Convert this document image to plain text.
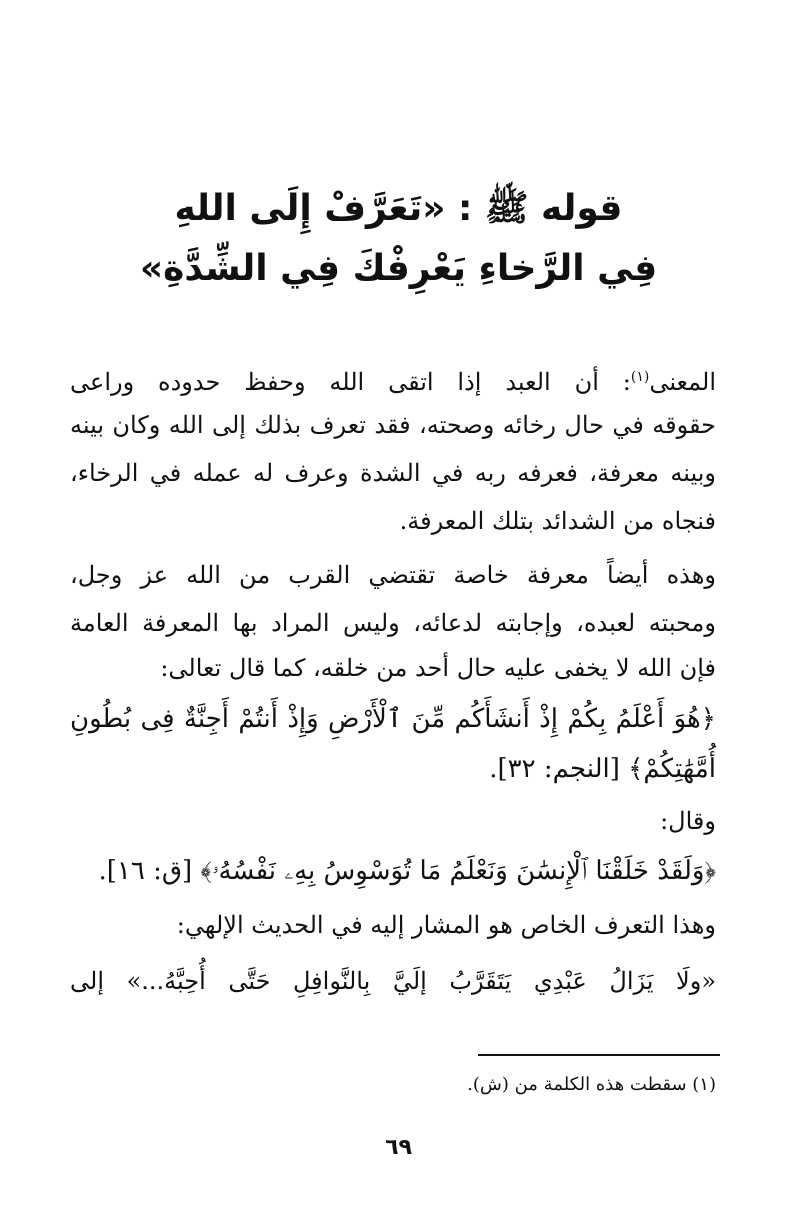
قوله ﷺ : «تَعَرَّفْ إِلَى اللهِ
فِي الرَّخاءِ يَعْرِفْكَ فِي الشِّدَّةِ»
المعنى$^{(١)}$: أن العبد إذا اتقى الله وحفظ حدوده وراعى
حقوقه في حال رخائه وصحته، فقد تعرف بذلك إلى الله وكان بينه
وبينه معرفة، فعرفه ربه في الشدة وعرف له عمله في الرخاء،
فنجاه من الشدائد بتلك المعرفة.
وهذه أيضاً معرفة خاصة تقتضي القرب من الله عز وجل،
ومحبته لعبده، وإجابته لدعائه، وليس المراد بها المعرفة العامة
فإن الله لا يخفى عليه حال أحد من خلقه، كما قال تعالى:
﴿هُوَ أَعْلَمُ بِكُمْ إِذْ أَنشَأَكُم مِّنَ ٱلْأَرْضِ وَإِذْ أَنتُمْ أَجِنَّةٌ فِى بُطُونِ
أُمَّهَٰتِكُمْ﴾ [النجم: ٣٢].
وقال:
﴿وَلَقَدْ خَلَقْنَا ٱلْإِنسَٰنَ وَنَعْلَمُ مَا تُوَسْوِسُ بِهِۦ نَفْسُهُۥ﴾ [ق: ١٦].
وهذا التعرف الخاص هو المشار إليه في الحديث الإلهي:
«ولَا يَزَالُ عَبْدِي يَتَقَرَّبُ إلَيَّ بِالنَّوافِلِ حَتَّى أُحِبَّهُ...» إلى
(١) سقطت هذه الكلمة من (ش).
٦٩
